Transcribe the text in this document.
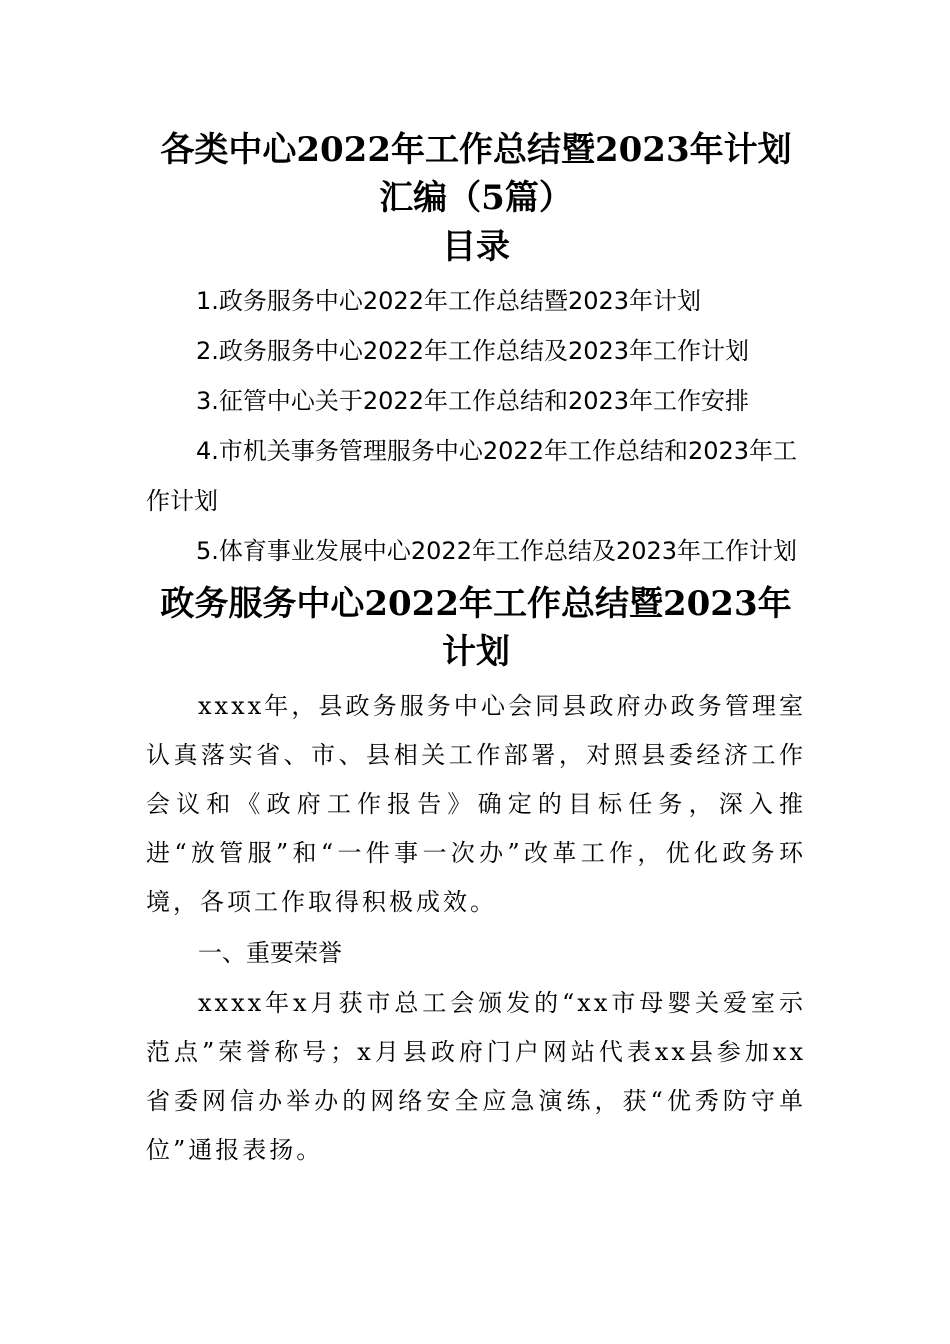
各类中心2022年工作总结暨2023年计划汇编（5篇）
目录
1.政务服务中心2022年工作总结暨2023年计划
2.政务服务中心2022年工作总结及2023年工作计划
3.征管中心关于2022年工作总结和2023年工作安排
4.市机关事务管理服务中心2022年工作总结和2023年工作计划
5.体育事业发展中心2022年工作总结及2023年工作计划
政务服务中心2022年工作总结暨2023年计划

xxxx年，县政务服务中心会同县政府办政务管理室认真落实省、市、县相关工作部署，对照县委经济工作会议和《政府工作报告》确定的目标任务，深入推进“放管服”和“一件事一次办”改革工作，优化政务环境，各项工作取得积极成效。

一、重要荣誉

xxxx年x月获市总工会颁发的“xx市母婴关爱室示范点”荣誉称号；x月县政府门户网站代表xx县参加xx省委网信办举办的网络安全应急演练，获“优秀防守单位”通报表扬。
